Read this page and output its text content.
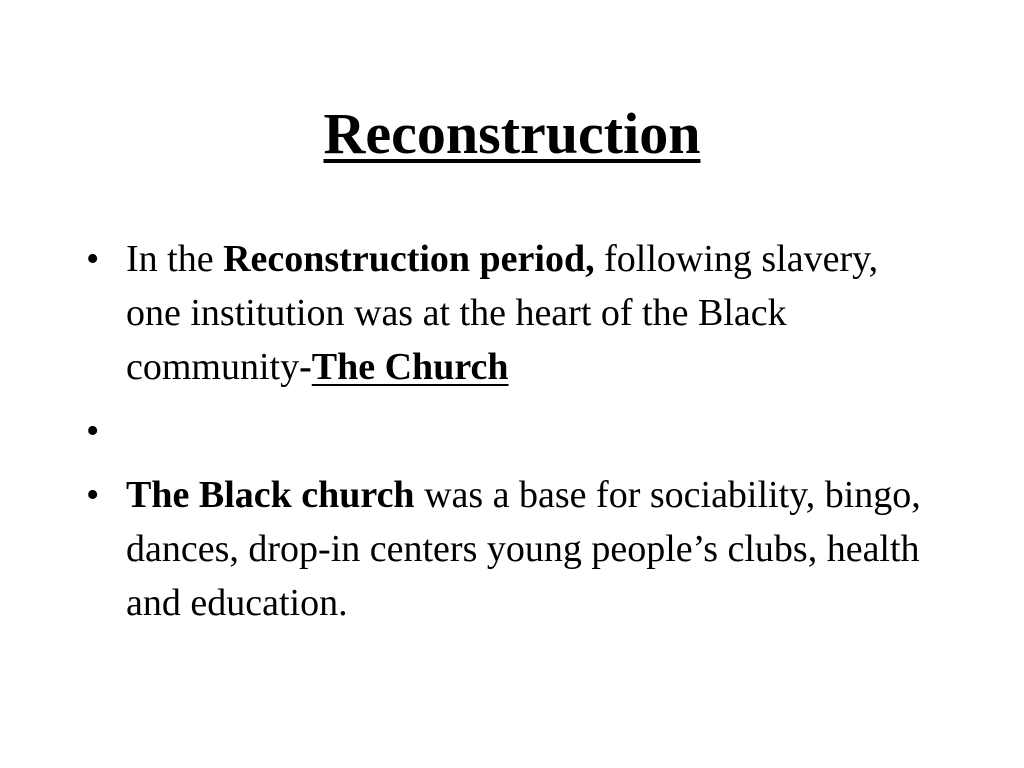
Reconstruction
• In the Reconstruction period, following slavery, one institution was at the heart of the Black community-The Church
•

• The Black church was a base for sociability, bingo, dances, drop-in centers young people’s clubs, health and education.
